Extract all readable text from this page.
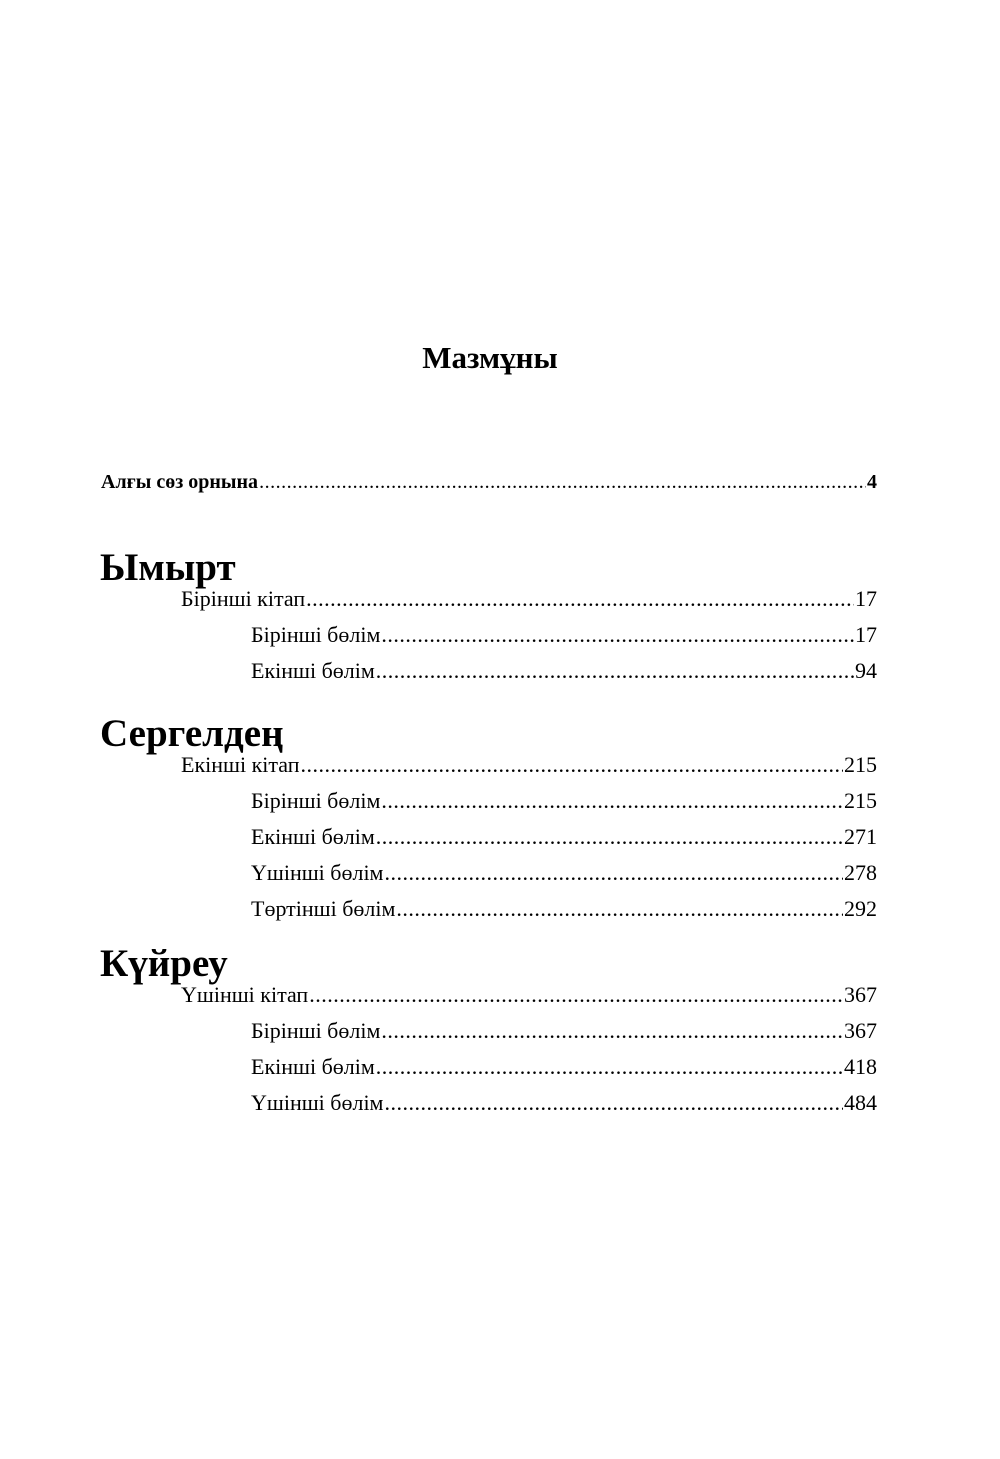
Мазмұны
Алғы сөз орнына .....	4
Ымырт
Бірінші кітап .....	17
Бірінші бөлім .....	17
Екінші бөлім .....	94
Сергелдең
Екінші кітап .....	215
Бірінші бөлім .....	215
Екінші бөлім .....	271
Үшінші бөлім .....	278
Төртінші бөлім .....	292
Күйреу
Үшінші кітап .....	367
Бірінші бөлім .....	367
Екінші бөлім .....	418
Үшінші бөлім .....	484
